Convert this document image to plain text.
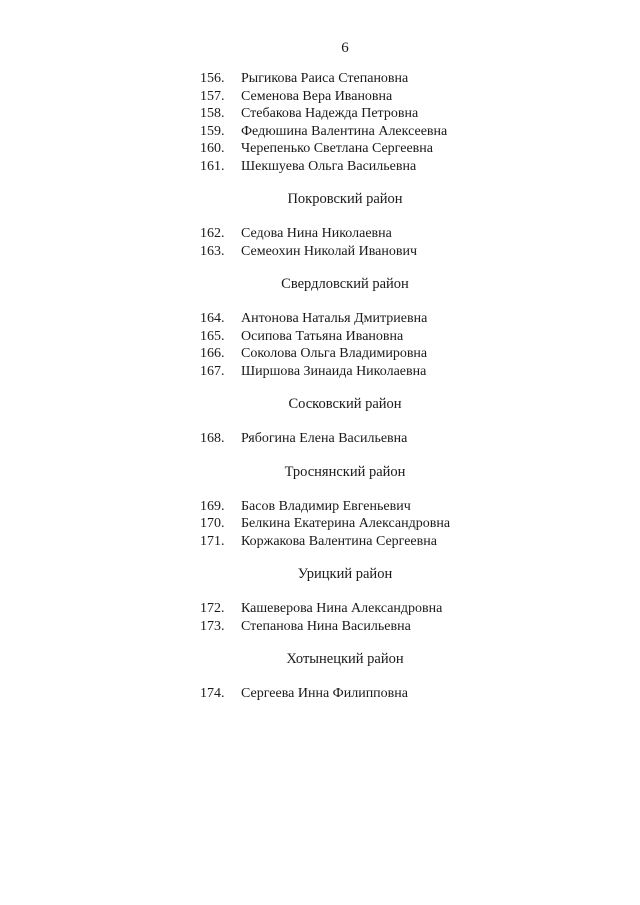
6
156.	Рыгикова Раиса Степановна
157.	Семенова Вера Ивановна
158.	Стебакова Надежда Петровна
159.	Федюшина Валентина Алексеевна
160.	Черепенько Светлана Сергеевна
161.	Шекшуева Ольга Васильевна
Покровский район
162.	Седова Нина Николаевна
163.	Семеохин Николай Иванович
Свердловский район
164.	Антонова Наталья Дмитриевна
165.	Осипова Татьяна Ивановна
166.	Соколова Ольга Владимировна
167.	Ширшова Зинаида Николаевна
Сосковский район
168.	Рябогина Елена Васильевна
Троснянский район
169.	Басов Владимир Евгеньевич
170.	Белкина Екатерина Александровна
171.	Коржакова Валентина Сергеевна
Урицкий район
172.	Кашеверова Нина Александровна
173.	Степанова Нина Васильевна
Хотынецкий район
174.	Сергеева Инна Филипповна
